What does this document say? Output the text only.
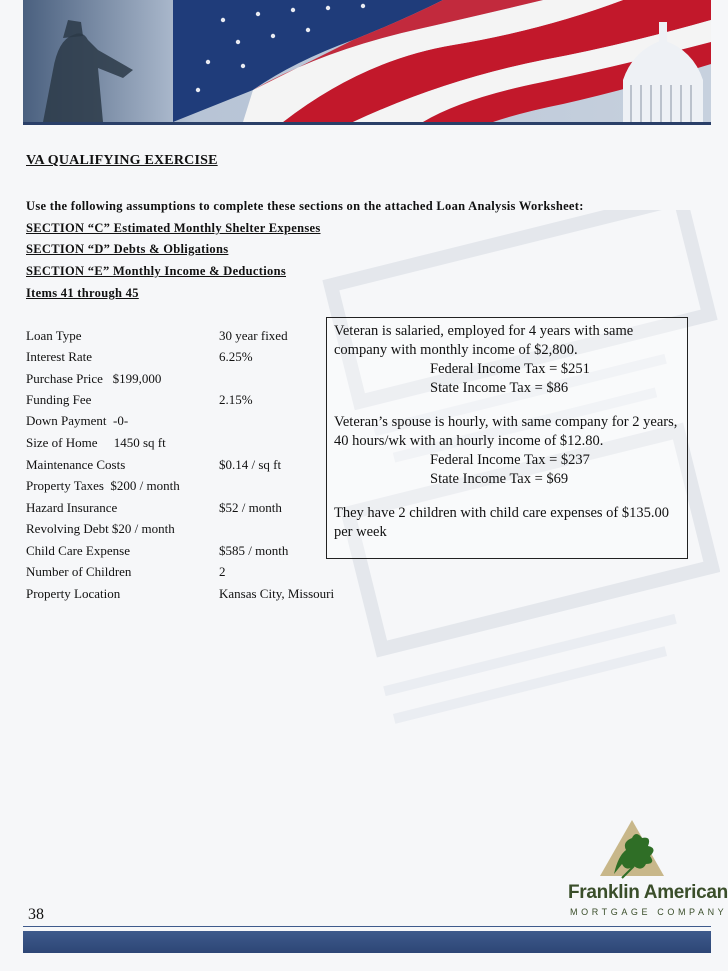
VA QUALIFYING EXERCISE
Use the following assumptions to complete these sections on the attached Loan Analysis Worksheet:
SECTION “C” Estimated Monthly Shelter Expenses
SECTION “D” Debts & Obligations
SECTION “E” Monthly Income & Deductions
Items 41 through 45
Loan Type	30 year fixed
Interest Rate	6.25%
Purchase Price   $199,000
Funding Fee	2.15%
Down Payment  -0-
Size of Home     1450 sq ft
Maintenance Costs	$0.14 / sq ft
Property Taxes  $200 / month
Hazard Insurance	$52 / month
Revolving Debt $20 / month
Child Care Expense	$585 / month
Number of Children	2
Property Location	Kansas City, Missouri

Veteran is salaried, employed for 4 years with same company with monthly income of $2,800.

Federal Income Tax = $251

State Income Tax = $86

Veteran’s spouse is hourly, with same company for 2 years, 40 hours/wk with an hourly income of $12.80.

Federal Income Tax = $237

State Income Tax = $69

They have 2 children with child care expenses of $135.00 per week

Franklin American
MORTGAGE COMPANY
38
